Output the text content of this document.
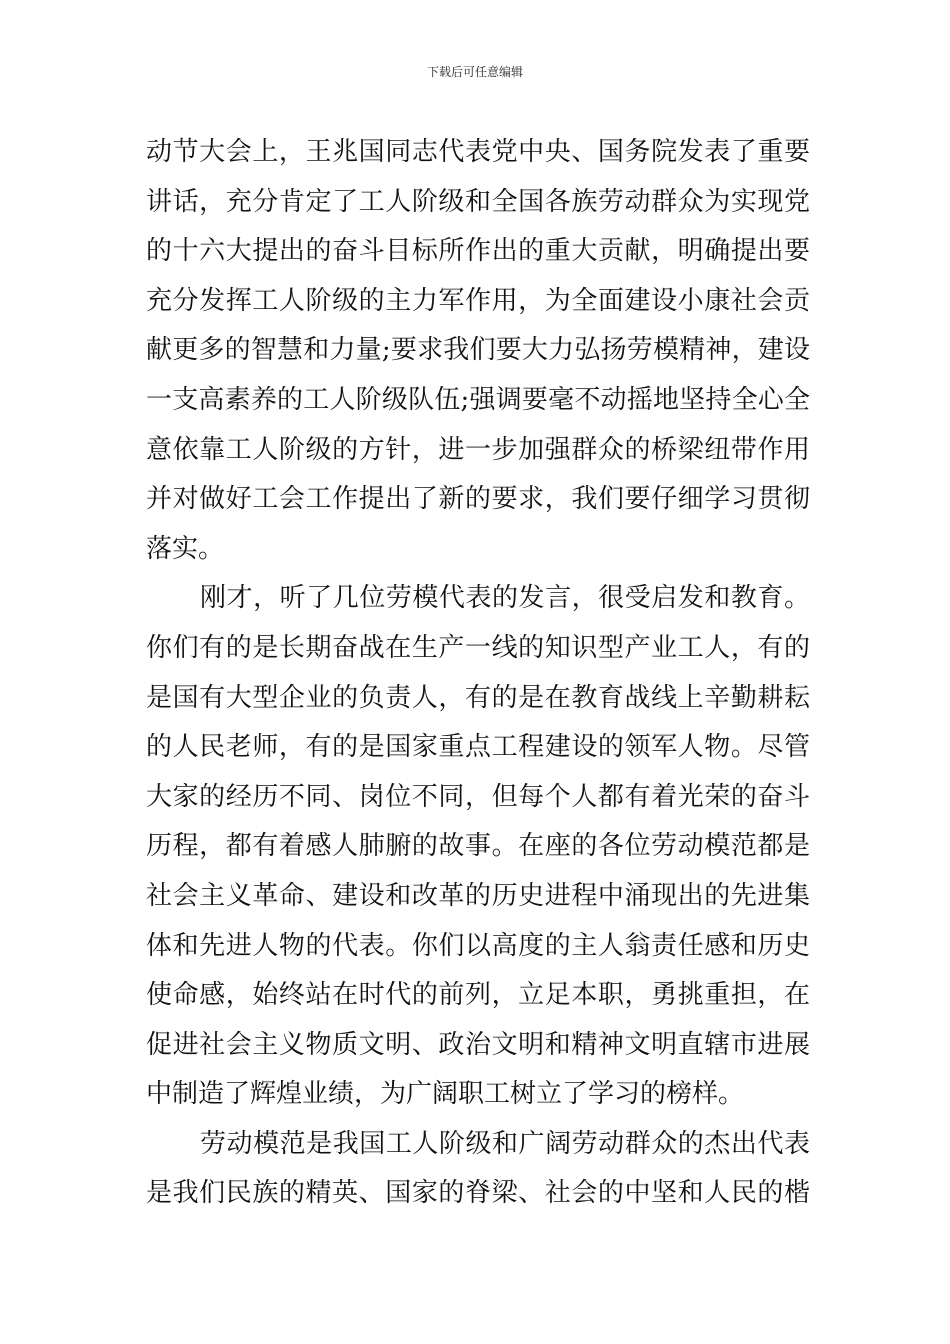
下载后可任意编辑
动节大会上，王兆国同志代表党中央、国务院发表了重要
讲话，充分肯定了工人阶级和全国各族劳动群众为实现党
的十六大提出的奋斗目标所作出的重大贡献，明确提出要
充分发挥工人阶级的主力军作用，为全面建设小康社会贡
献更多的智慧和力量;要求我们要大力弘扬劳模精神，建设
一支高素养的工人阶级队伍;强调要毫不动摇地坚持全心全
意依靠工人阶级的方针，进一步加强群众的桥梁纽带作用
并对做好工会工作提出了新的要求，我们要仔细学习贯彻
落实。
刚才，听了几位劳模代表的发言，很受启发和教育。
你们有的是长期奋战在生产一线的知识型产业工人，有的
是国有大型企业的负责人，有的是在教育战线上辛勤耕耘
的人民老师，有的是国家重点工程建设的领军人物。尽管
大家的经历不同、岗位不同，但每个人都有着光荣的奋斗
历程，都有着感人肺腑的故事。在座的各位劳动模范都是
社会主义革命、建设和改革的历史进程中涌现出的先进集
体和先进人物的代表。你们以高度的主人翁责任感和历史
使命感，始终站在时代的前列，立足本职，勇挑重担，在
促进社会主义物质文明、政治文明和精神文明直辖市进展
中制造了辉煌业绩，为广阔职工树立了学习的榜样。
劳动模范是我国工人阶级和广阔劳动群众的杰出代表
是我们民族的精英、国家的脊梁、社会的中坚和人民的楷
